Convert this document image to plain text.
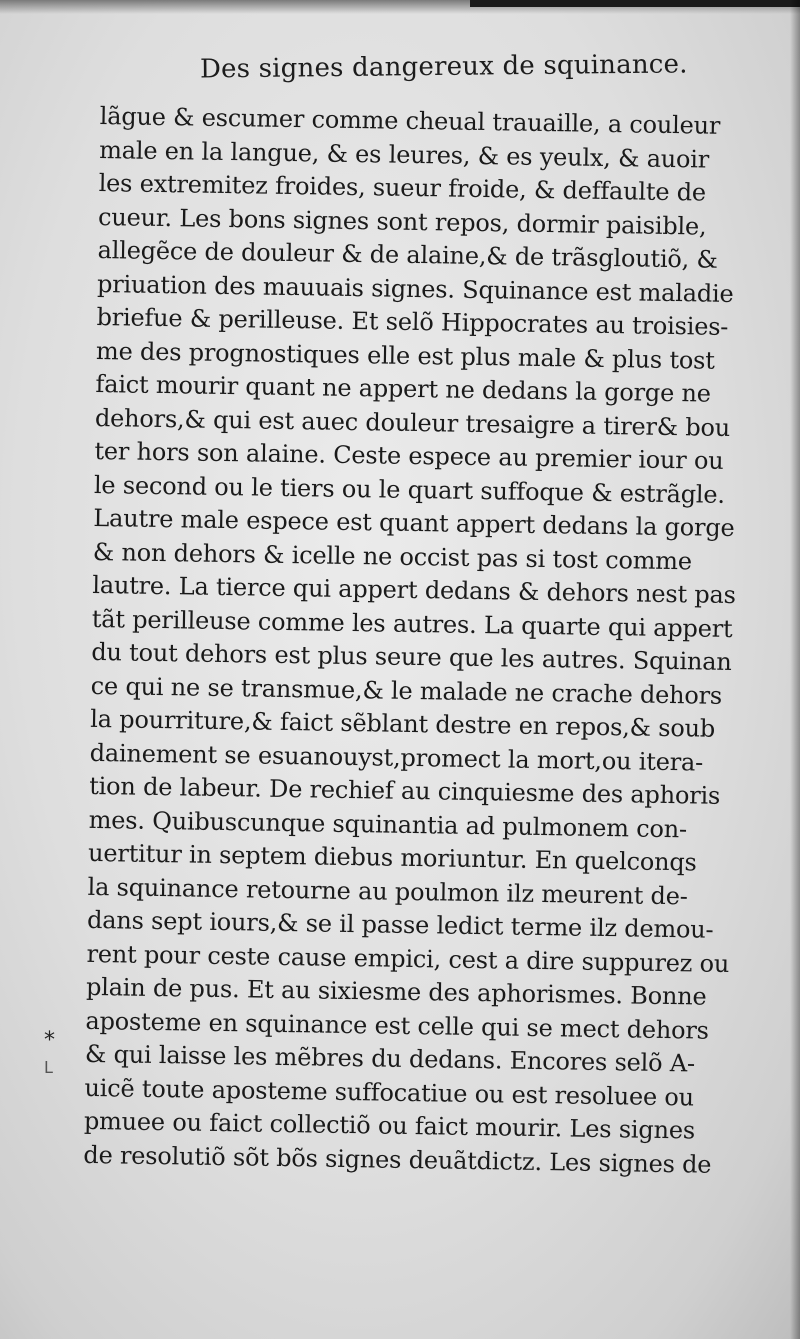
Des signes dangereux de squinance.
lãgue & escumer comme cheual trauaille, a couleur
male en la langue, & es leures, & es yeulx, & auoir
les extremitez froides, sueur froide, & deffaulte de
cueur. Les bons signes sont repos, dormir paisible,
allegẽce de douleur & de alaine,& de trãsgloutiõ, &
priuation des mauuais signes. Squinance est maladie
briefue & perilleuse. Et selõ Hippocrates au troisies-
me des prognostiques elle est plus male & plus tost
faict mourir quant ne appert ne dedans la gorge ne
dehors,& qui est auec douleur tresaigre a tirer& bou
ter hors son alaine. Ceste espece au premier iour ou
le second ou le tiers ou le quart suffoque & estrãgle.
Lautre male espece est quant appert dedans la gorge
& non dehors & icelle ne occist pas si tost comme
lautre. La tierce qui appert dedans & dehors nest pas
tãt perilleuse comme les autres. La quarte qui appert
du tout dehors est plus seure que les autres. Squinan
ce qui ne se transmue,& le malade ne crache dehors
la pourriture,& faict sẽblant destre en repos,& soub
dainement se esuanouyst,promect la mort,ou itera-
tion de labeur. De rechief au cinquiesme des aphoris
mes. Quibuscunque squinantia ad pulmonem con-
uertitur in septem diebus moriuntur. En quelconqs
la squinance retourne au poulmon ilz meurent de-
dans sept iours,& se il passe ledict terme ilz demou-
rent pour ceste cause empici, cest a dire suppurez ou
plain de pus. Et au sixiesme des aphorismes. Bonne
aposteme en squinance est celle qui se mect dehors
& qui laisse les mẽbres du dedans. Encores selõ A-
uicẽ toute aposteme suffocatiue ou est resoluee ou
pmuee ou faict collectiõ ou faict mourir. Les signes
de resolutiõ sõt bõs signes deuãtdictz. Les signes de
*
ᒪ
